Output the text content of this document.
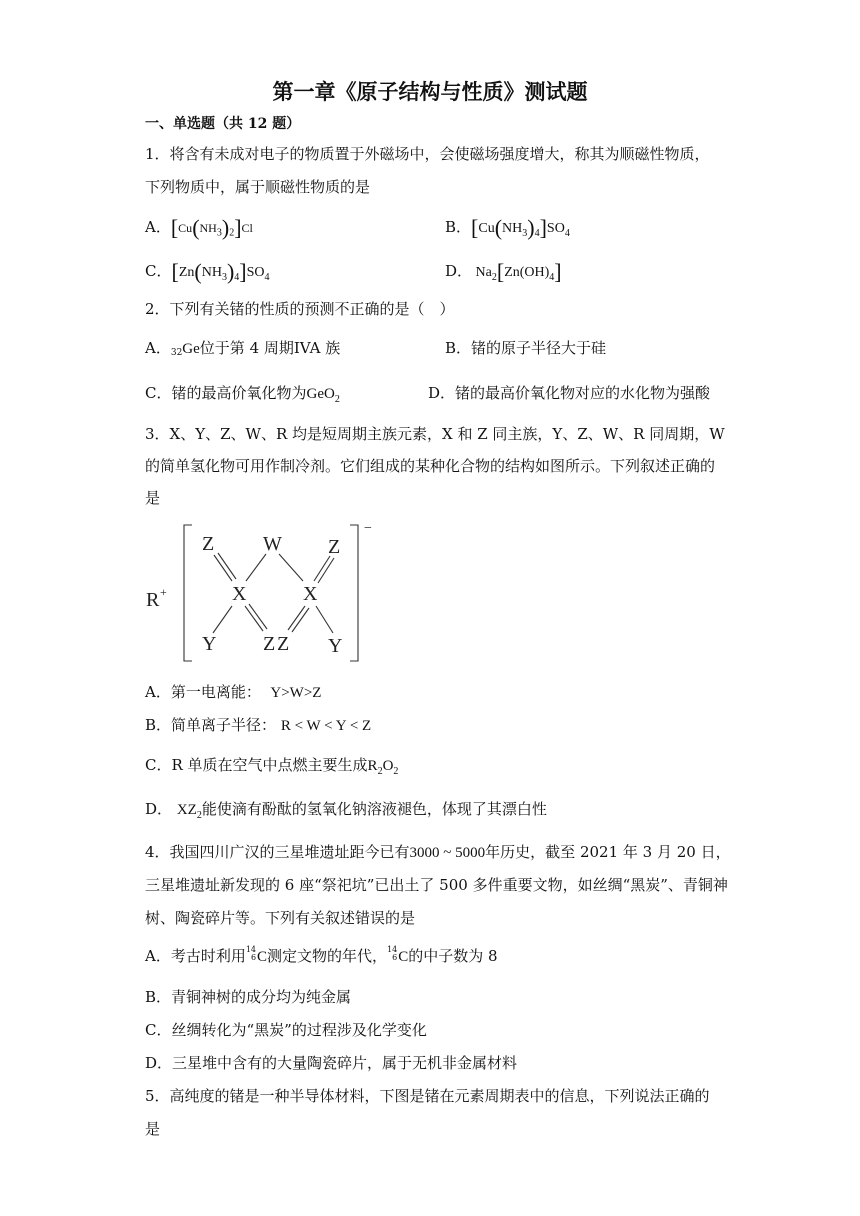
第一章《原子结构与性质》测试题
一、单选题（共 12 题）
1．将含有未成对电子的物质置于外磁场中，会使磁场强度增大，称其为顺磁性物质，
下列物质中，属于顺磁性物质的是
A．$[Cu(NH_3)_2]Cl$	B．$[Cu(NH_3)_4]SO_4$
C．$[Zn(NH_3)_4]SO_4$	D． $Na_2[Zn(OH)_4]$
2．下列有关锗的性质的预测不正确的是（　）
A．32Ge位于第 4 周期IVA 族	B．锗的原子半径大于硅
C．锗的最高价氧化物为GeO$_2$	D．锗的最高价氧化物对应的水化物为强酸
3．X、Y、Z、W、R 均是短周期主族元素，X 和 Z 同主族，Y、Z、W、R 同周期，W
的简单氢化物可用作制冷剂。它们组成的某种化合物的结构如图所示。下列叙述正确的
是
R +
Z W Z
X	X
Y Z Z Y
−
A．第一电离能： Y>W>Z
B．简单离子半径： R < W < Y < Z
C．R 单质在空气中点燃主要生成$R_2O_2$
D． $XZ_2$能使滴有酚酞的氢氧化钠溶液褪色，体现了其漂白性
4．我国四川广汉的三星堆遗址距今已有3000 ~ 5000年历史，截至 2021 年 3 月 20 日，
三星堆遗址新发现的 6 座“祭祀坑”已出土了 500 多件重要文物，如丝绸“黑炭”、青铜神
树、陶瓷碎片等。下列有关叙述错误的是
A．考古时利用 14
6 C测定文物的年代， 14
6 C的中子数为 8
B．青铜神树的成分均为纯金属
C．丝绸转化为“黑炭”的过程涉及化学变化
D．三星堆中含有的大量陶瓷碎片，属于无机非金属材料
5．高纯度的锗是一种半导体材料，下图是锗在元素周期表中的信息，下列说法正确的
是
